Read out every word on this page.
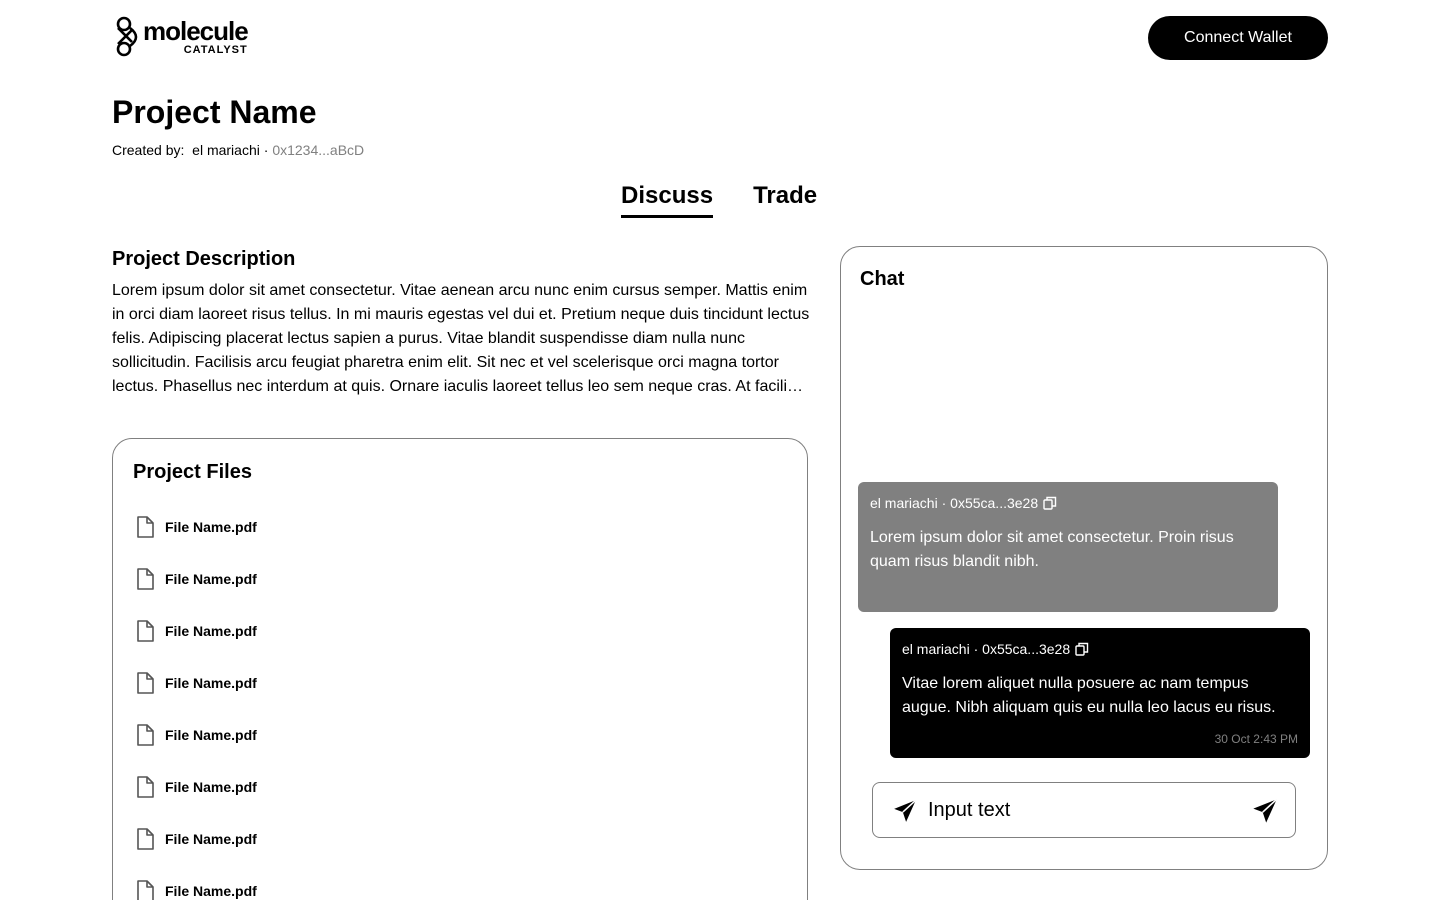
molecule
CATALYST
Connect Wallet
Project Name
Created by: el mariachi · 0x1234...aBcD
Discuss Trade
Project Description

Lorem ipsum dolor sit amet consectetur. Vitae aenean arcu nunc enim cursus semper. Mattis enim in orci diam laoreet risus tellus. In mi mauris egestas vel dui et. Pretium neque duis tincidunt lectus felis. Adipiscing placerat lectus sapien a purus. Vitae blandit suspendisse diam nulla nunc sollicitudin. Facilisis arcu feugiat pharetra enim elit. Sit nec et vel scelerisque orci magna tortor lectus. Phasellus nec interdum at quis. Ornare iaculis laoreet tellus leo sem neque cras. At facili…

Project Files
File Name.pdf
File Name.pdf
File Name.pdf
File Name.pdf
File Name.pdf
File Name.pdf
File Name.pdf
File Name.pdf
Chat
el mariachi · 0x55ca...3e28

Lorem ipsum dolor sit amet consectetur. Proin risus quam risus blandit nibh.

el mariachi · 0x55ca...3e28

Vitae lorem aliquet nulla posuere ac nam tempus augue. Nibh aliquam quis eu nulla leo lacus eu risus.

30 Oct 2:43 PM
Input text
